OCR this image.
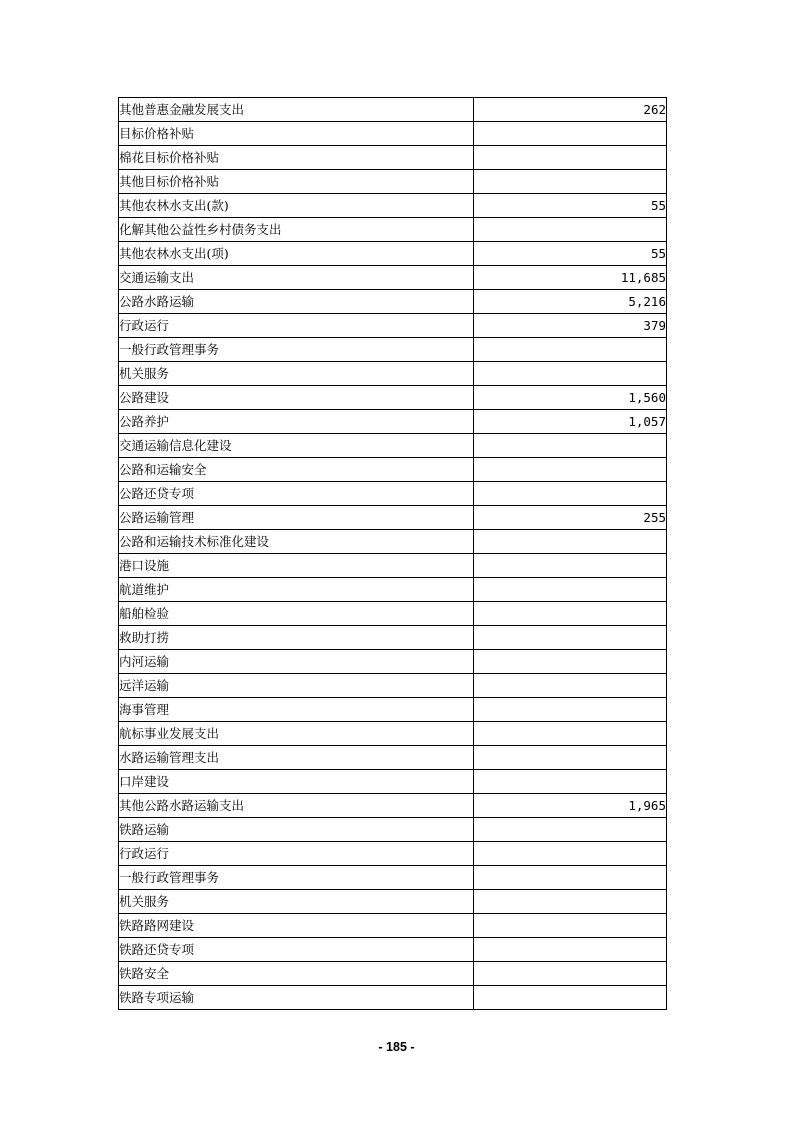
其他普惠金融发展支出	262
目标价格补贴	
棉花目标价格补贴	
其他目标价格补贴	
其他农林水支出(款)	55
化解其他公益性乡村债务支出	
其他农林水支出(项)	55
交通运输支出	11,685
公路水路运输	5,216
行政运行	379
一般行政管理事务	
机关服务	
公路建设	1,560
公路养护	1,057
交通运输信息化建设	
公路和运输安全	
公路还贷专项	
公路运输管理	255
公路和运输技术标准化建设	
港口设施	
航道维护	
船舶检验	
救助打捞	
内河运输	
远洋运输	
海事管理	
航标事业发展支出	
水路运输管理支出	
口岸建设	
其他公路水路运输支出	1,965
铁路运输	
行政运行	
一般行政管理事务	
机关服务	
铁路路网建设	
铁路还贷专项	
铁路安全	
铁路专项运输	
- 185 -
